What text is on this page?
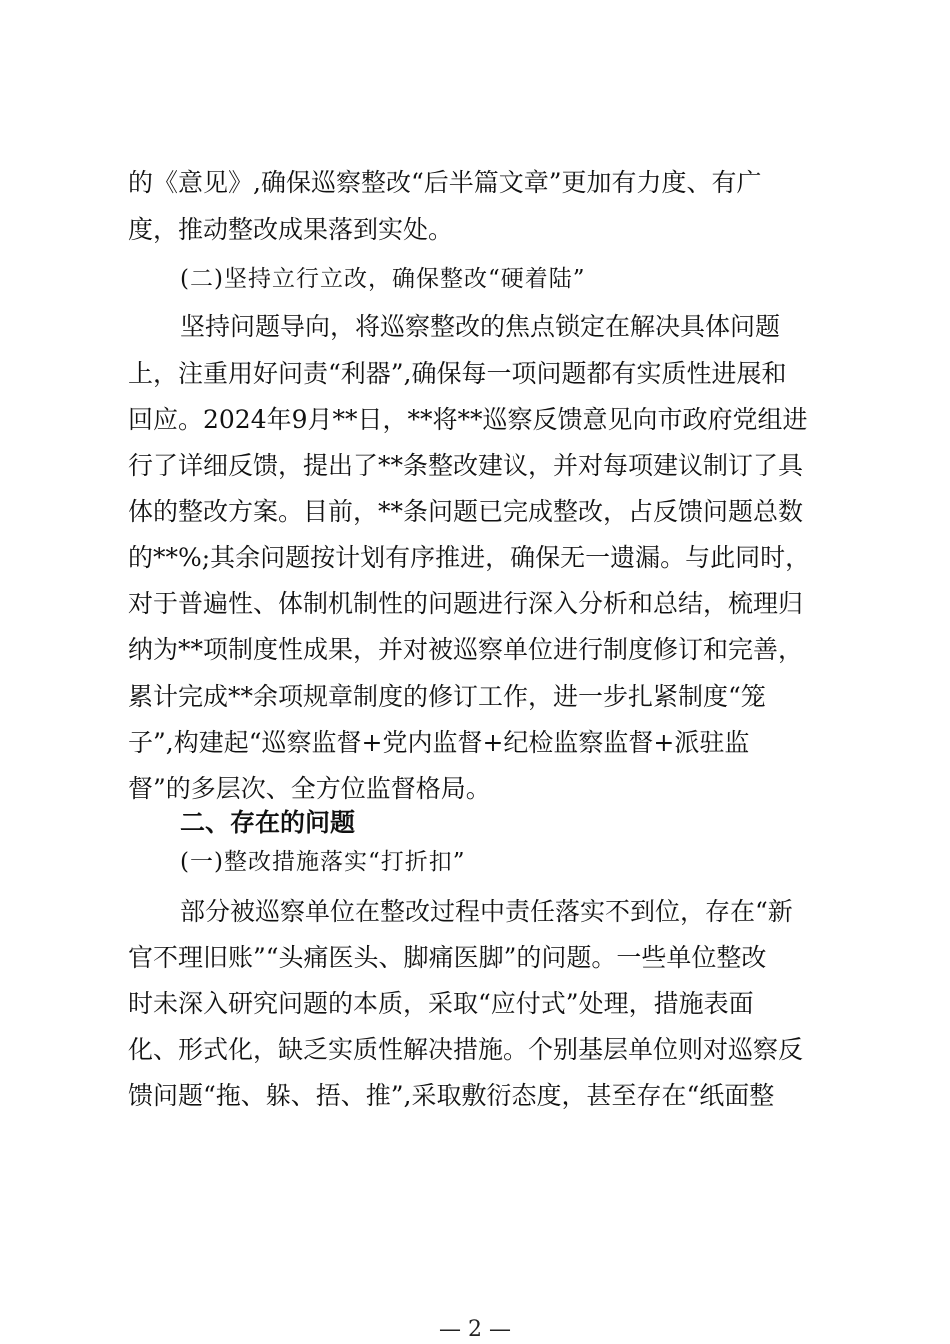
的《意见》,确保巡察整改“后半篇文章”更加有力度、有广
度，推动整改成果落到实处。
(二)坚持立行立改，确保整改“硬着陆”
坚持问题导向，将巡察整改的焦点锁定在解决具体问题
上，注重用好问责“利器”,确保每一项问题都有实质性进展和
回应。2024年9月**日，**将**巡察反馈意见向市政府党组进
行了详细反馈，提出了**条整改建议，并对每项建议制订了具
体的整改方案。目前，**条问题已完成整改，占反馈问题总数
的**%;其余问题按计划有序推进，确保无一遗漏。与此同时，
对于普遍性、体制机制性的问题进行深入分析和总结，梳理归
纳为**项制度性成果，并对被巡察单位进行制度修订和完善，
累计完成**余项规章制度的修订工作，进一步扎紧制度“笼
子”,构建起“巡察监督+党内监督+纪检监察监督+派驻监
督”的多层次、全方位监督格局。
二、存在的问题
(一)整改措施落实“打折扣”
部分被巡察单位在整改过程中责任落实不到位，存在“新
官不理旧账”“头痛医头、脚痛医脚”的问题。一些单位整改
时未深入研究问题的本质，采取“应付式”处理，措施表面
化、形式化，缺乏实质性解决措施。个别基层单位则对巡察反
馈问题“拖、躲、捂、推”,采取敷衍态度，甚至存在“纸面整
— 2 —
